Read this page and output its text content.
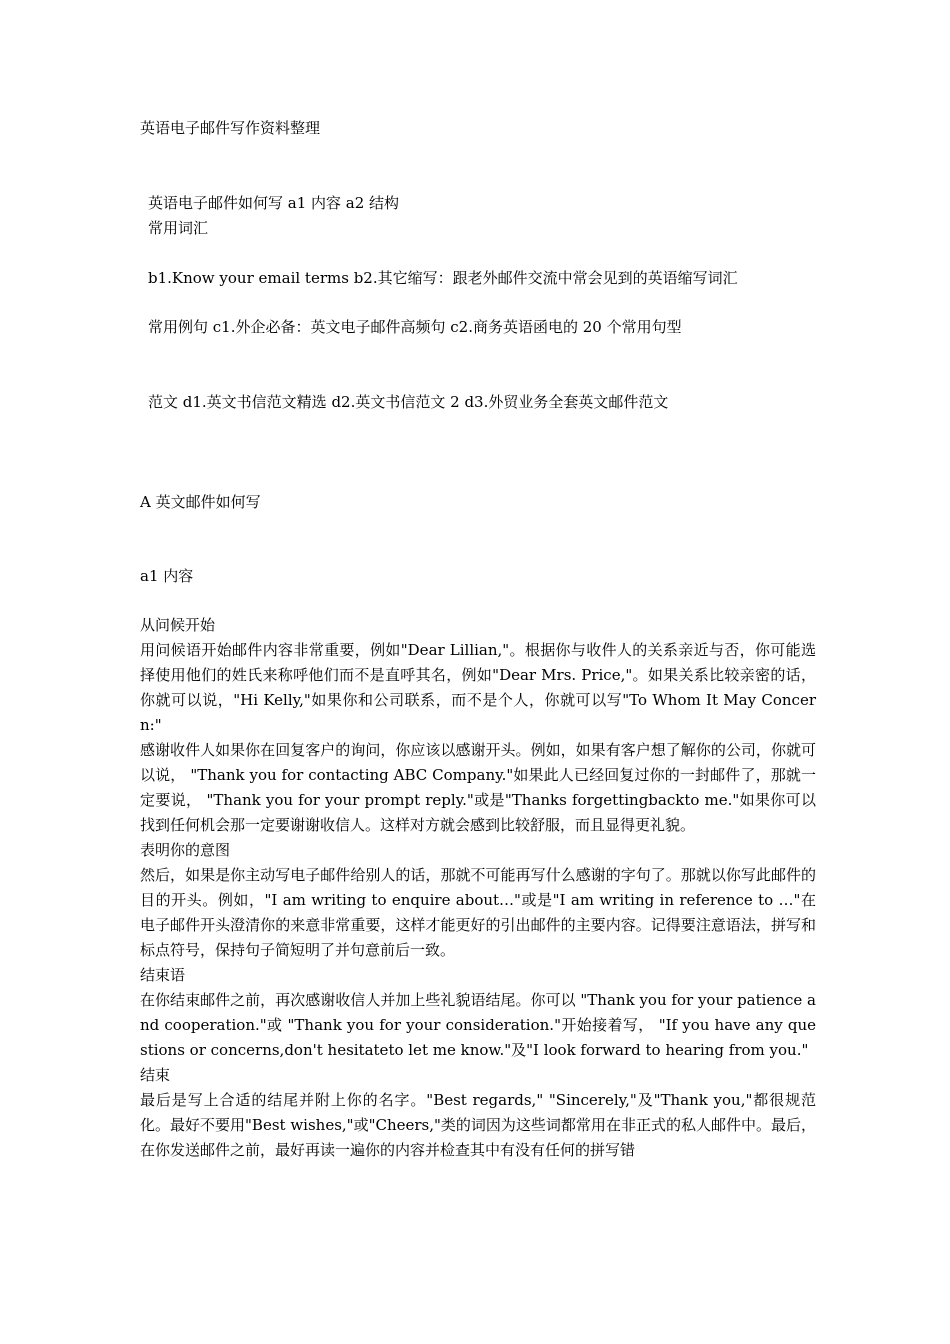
英语电子邮件写作资料整理
英语电子邮件如何写 a1 内容 a2 结构
常用词汇
b1.Know your email terms b2.其它缩写：跟老外邮件交流中常会见到的英语缩写词汇
常用例句 c1.外企必备：英文电子邮件高频句 c2.商务英语函电的 20 个常用句型
范文 d1.英文书信范文精选 d2.英文书信范文 2 d3.外贸业务全套英文邮件范文
A 英文邮件如何写
a1 内容
从问候开始
用问候语开始邮件内容非常重要，例如"Dear Lillian,"。根据你与收件人的关系亲近与否，你可能选择使用他们的姓氏来称呼他们而不是直呼其名，例如"Dear Mrs. Price,"。如果关系比较亲密的话，你就可以说，"Hi Kelly,"如果你和公司联系，而不是个人，你就可以写"To Whom It May Concern:"
感谢收件人如果你在回复客户的询问，你应该以感谢开头。例如，如果有客户想了解你的公司，你就可以说， "Thank you for contacting ABC Company."如果此人已经回复过你的一封邮件了，那就一定要说， "Thank you for your prompt reply."或是"Thanks forgettingbackto me."如果你可以找到任何机会那一定要谢谢收信人。这样对方就会感到比较舒服，而且显得更礼貌。
表明你的意图
然后，如果是你主动写电子邮件给别人的话，那就不可能再写什么感谢的字句了。那就以你写此邮件的目的开头。例如，"I am writing to enquire about…"或是"I am writing in reference to …"在电子邮件开头澄清你的来意非常重要，这样才能更好的引出邮件的主要内容。记得要注意语法，拼写和标点符号，保持句子简短明了并句意前后一致。
结束语
在你结束邮件之前，再次感谢收信人并加上些礼貌语结尾。你可以 "Thank you for your patience and cooperation."或 "Thank you for your consideration."开始接着写， "If you have any questions or concerns,don't hesitateto let me know."及"I look forward to hearing from you."
结束
最后是写上合适的结尾并附上你的名字。"Best regards," "Sincerely,"及"Thank you,"都很规范化。最好不要用"Best wishes,"或"Cheers,"类的词因为这些词都常用在非正式的私人邮件中。最后，在你发送邮件之前，最好再读一遍你的内容并检查其中有没有任何的拼写错
